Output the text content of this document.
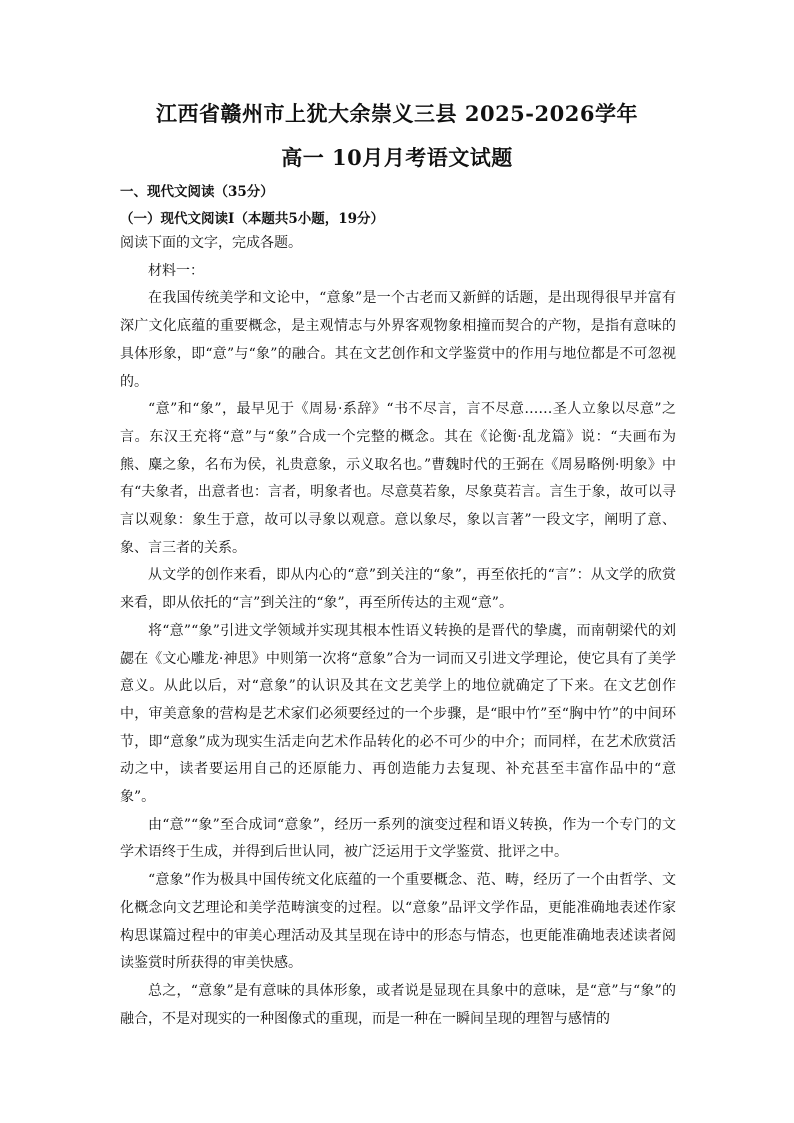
江西省赣州市上犹大余崇义三县 2025-2026学年
高一 10月月考语文试题
一、现代文阅读（35分）
（一）现代文阅读Ⅰ（本题共5小题，19分）

阅读下面的文字，完成各题。

材料一：

在我国传统美学和文论中，“意象”是一个古老而又新鲜的话题，是出现得很早并富有深广文化底蕴的重要概念，是主观情志与外界客观物象相撞而契合的产物，是指有意味的具体形象，即“意”与“象”的融合。其在文艺创作和文学鉴赏中的作用与地位都是不可忽视的。

“意”和“象”，最早见于《周易·系辞》“书不尽言，言不尽意……圣人立象以尽意”之言。东汉王充将“意”与“象”合成一个完整的概念。其在《论衡·乱龙篇》说：“夫画布为熊、麋之象，名布为侯，礼贵意象，示义取名也。”曹魏时代的王弼在《周易略例·明象》中有“夫象者，出意者也：言者，明象者也。尽意莫若象，尽象莫若言。言生于象，故可以寻言以观象：象生于意，故可以寻象以观意。意以象尽，象以言著”一段文字，阐明了意、象、言三者的关系。

从文学的创作来看，即从内心的“意”到关注的“象”，再至依托的“言”：从文学的欣赏来看，即从依托的“言”到关注的“象”，再至所传达的主观“意”。

将“意”“象”引进文学领域并实现其根本性语义转换的是晋代的挚虞，而南朝梁代的刘勰在《文心雕龙·神思》中则第一次将“意象”合为一词而又引进文学理论，使它具有了美学意义。从此以后，对“意象”的认识及其在文艺美学上的地位就确定了下来。在文艺创作中，审美意象的营构是艺术家们必须要经过的一个步骤，是“眼中竹”至“胸中竹”的中间环节，即“意象”成为现实生活走向艺术作品转化的必不可少的中介；而同样，在艺术欣赏活动之中，读者要运用自己的还原能力、再创造能力去复现、补充甚至丰富作品中的“意象”。

由“意”“象”至合成词“意象”，经历一系列的演变过程和语义转换，作为一个专门的文学术语终于生成，并得到后世认同，被广泛运用于文学鉴赏、批评之中。

“意象”作为极具中国传统文化底蕴的一个重要概念、范、畴，经历了一个由哲学、文化概念向文艺理论和美学范畴演变的过程。以“意象”品评文学作品，更能准确地表述作家构思谋篇过程中的审美心理活动及其呈现在诗中的形态与情态，也更能准确地表述读者阅读鉴赏时所获得的审美快感。

总之，“意象”是有意味的具体形象，或者说是显现在具象中的意味，是“意”与“象”的融合，不是对现实的一种图像式的重现，而是一种在一瞬间呈现的理智与感情的
